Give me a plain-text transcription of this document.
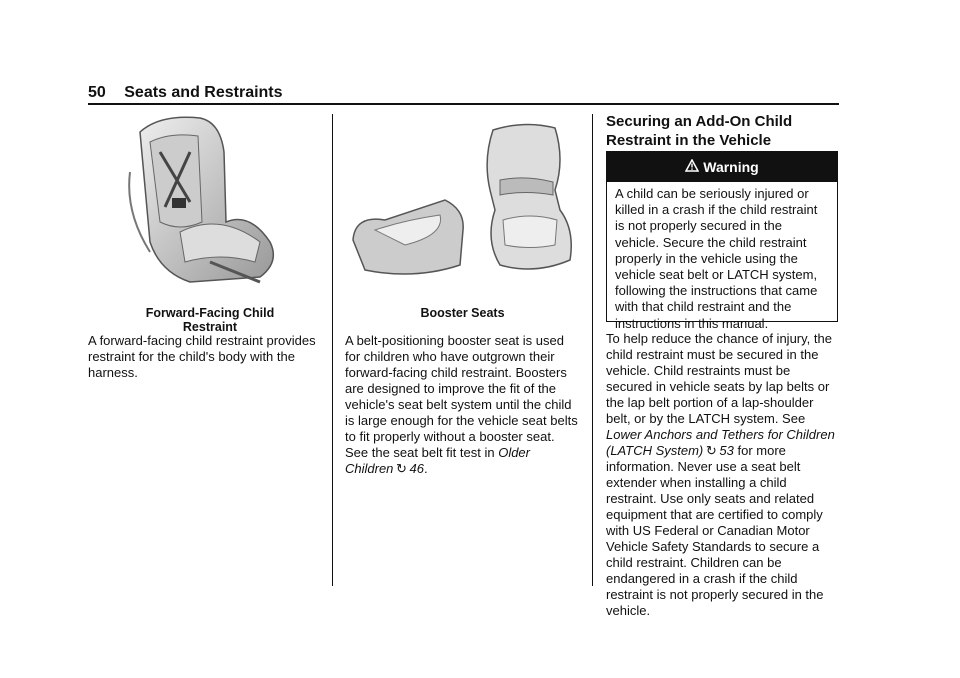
50 Seats and Restraints
Forward-Facing Child Restraint
A forward-facing child restraint provides restraint for the child's body with the harness.
Booster Seats
A belt-positioning booster seat is used for children who have outgrown their forward-facing child restraint. Boosters are designed to improve the fit of the vehicle's seat belt system until the child is large enough for the vehicle seat belts to fit properly without a booster seat. See the seat belt fit test in Older Children  ↻  46.
Securing an Add-On Child Restraint in the Vehicle
Warning
A child can be seriously injured or killed in a crash if the child restraint is not properly secured in the vehicle. Secure the child restraint properly in the vehicle using the vehicle seat belt or LATCH system, following the instructions that came with that child restraint and the instructions in this manual.
To help reduce the chance of injury, the child restraint must be secured in the vehicle. Child restraints must be secured in vehicle seats by lap belts or the lap belt portion of a lap-shoulder belt, or by the LATCH system. See Lower Anchors and Tethers for Children (LATCH System)  ↻  53 for more information. Never use a seat belt extender when installing a child restraint. Use only seats and related equipment that are certified to comply with US Federal or Canadian Motor Vehicle Safety Standards to secure a child restraint. Children can be endangered in a crash if the child restraint is not properly secured in the vehicle.
